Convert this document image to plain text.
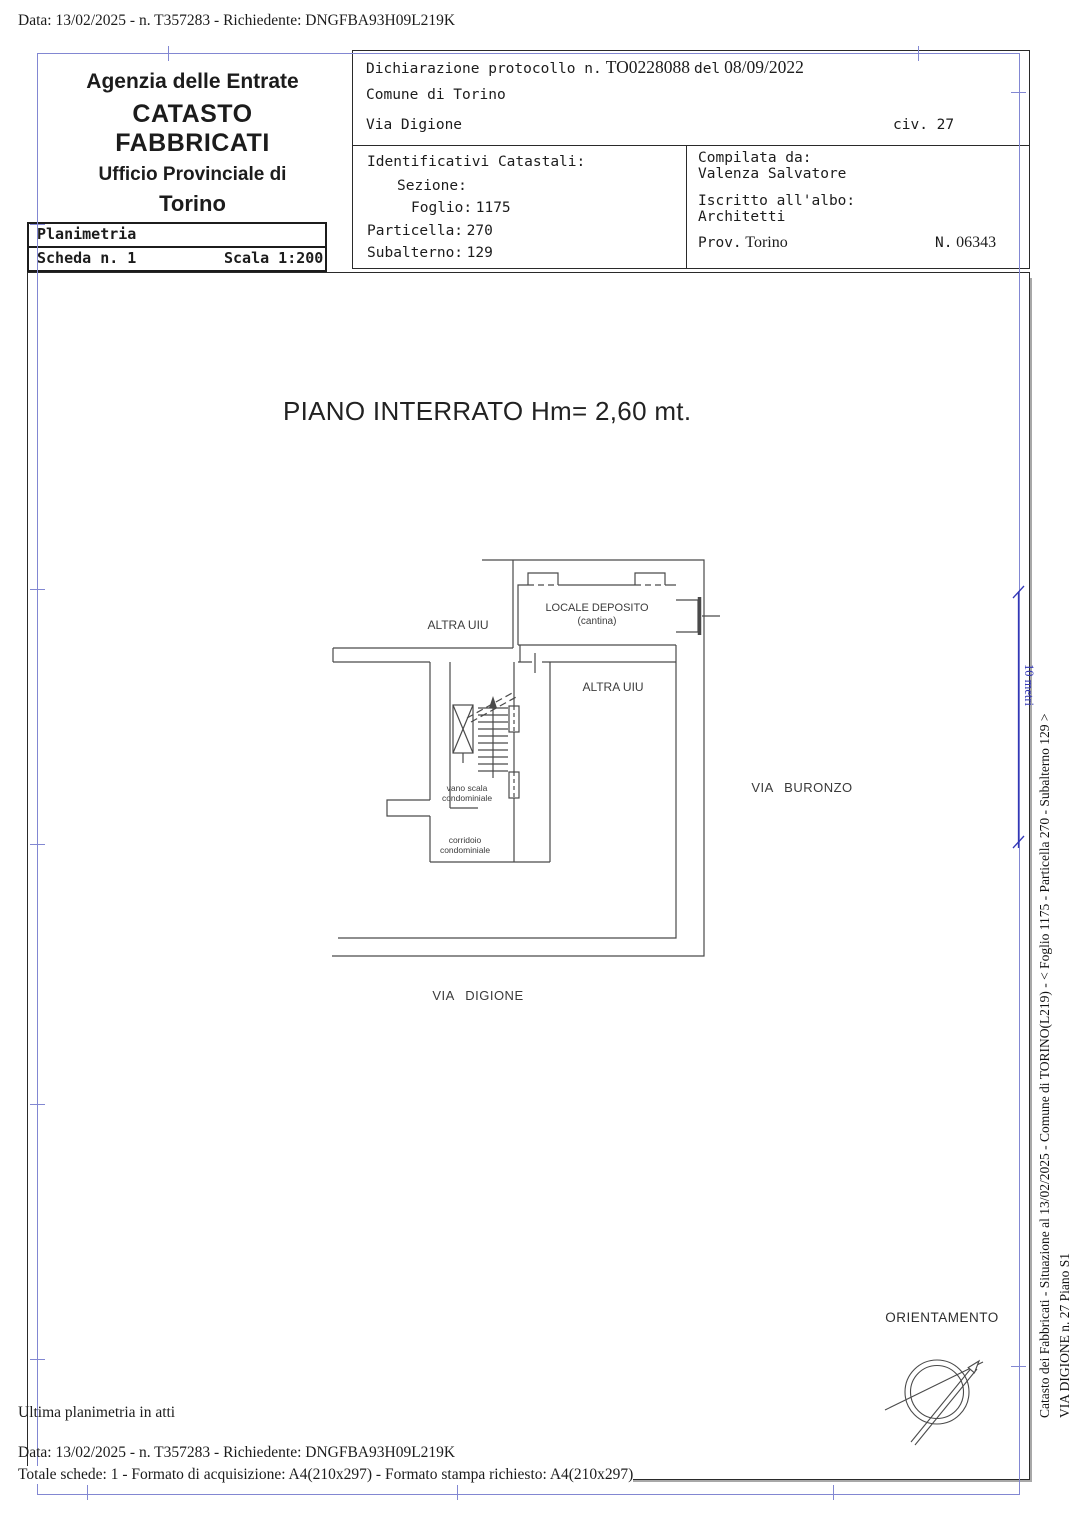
Data: 13/02/2025 - n. T357283 - Richiedente: DNGFBA93H09L219K
Agenzia delle Entrate
CATASTO FABBRICATI
Ufficio Provinciale di
Torino
Planimetria
Scheda n. 1	Scala 1:200
Dichiarazione protocollo n. TO0228088 del 08/09/2022
Comune di Torino
Via Digione	civ. 27
Identificativi Catastali:
Sezione:
Foglio: 1175
Particella: 270
Subalterno: 129
Compilata da:
Valenza Salvatore
Iscritto all'albo:
Architetti
Prov. Torino	N. 06343
PIANO INTERRATO Hm= 2,60 mt.
LOCALE DEPOSITO
(cantina)
ALTRA UIU
ALTRA UIU
vano scala
condominiale
corridoio
condominiale
VIA BURONZO
VIA DIGIONE
ORIENTAMENTO
10 metri
Catasto dei Fabbricati - Situazione al 13/02/2025 - Comune di TORINO(L219) - < Foglio 1175 - Particella 270 - Subalterno 129 > VIA DIGIONE n. 27 Piano S1
Ultima planimetria in atti
Data: 13/02/2025 - n. T357283 - Richiedente: DNGFBA93H09L219K
Totale schede: 1 - Formato di acquisizione: A4(210x297) - Formato stampa richiesto: A4(210x297)
